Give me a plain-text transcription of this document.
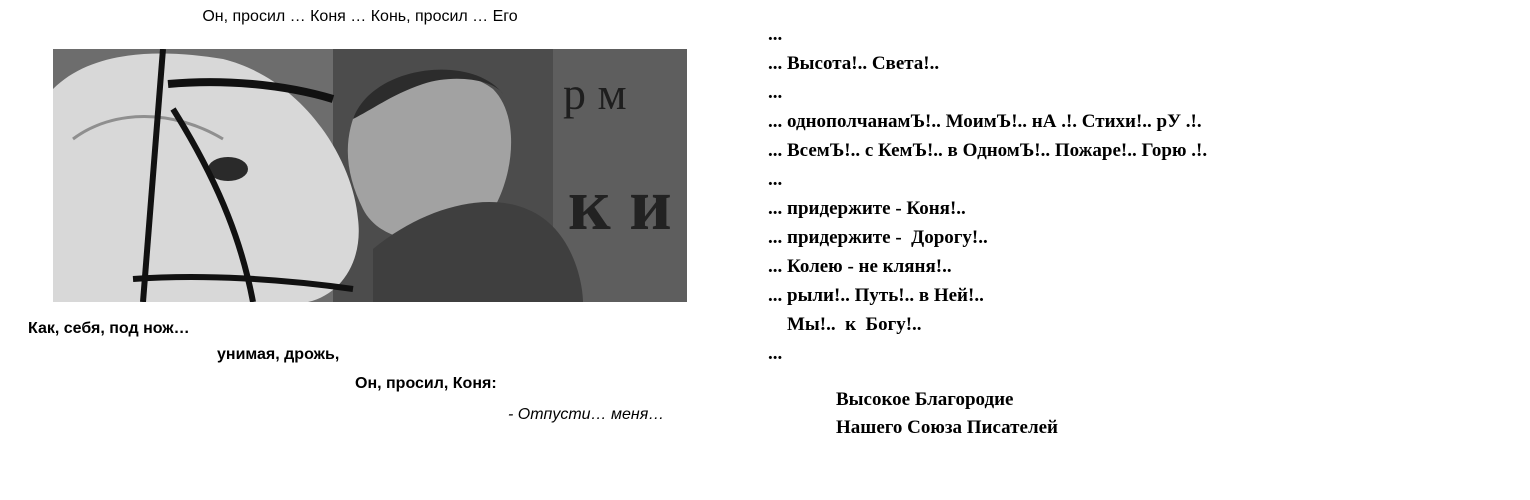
Он, просил … Коня … Конь, просил … Его
р м
к и
Как, себя, под нож…
унимая, дрожь,
Он, просил, Коня:
- Отпусти… меня…
...
... Высота!.. Света!..
...
... однополчанамЪ!.. МоимЪ!.. нА .!. Стихи!.. рУ .!.
... ВсемЪ!.. с КемЪ!.. в ОдномЪ!.. Пожаре!.. Горю .!.
...
... придержите - Коня!..
... придержите -  Дорогу!..
... Колею - не кляня!..
... рыли!.. Путь!.. в Ней!..
Мы!..  к  Богу!..
...
Высокое Благородие
Нашего Союза Писателей
